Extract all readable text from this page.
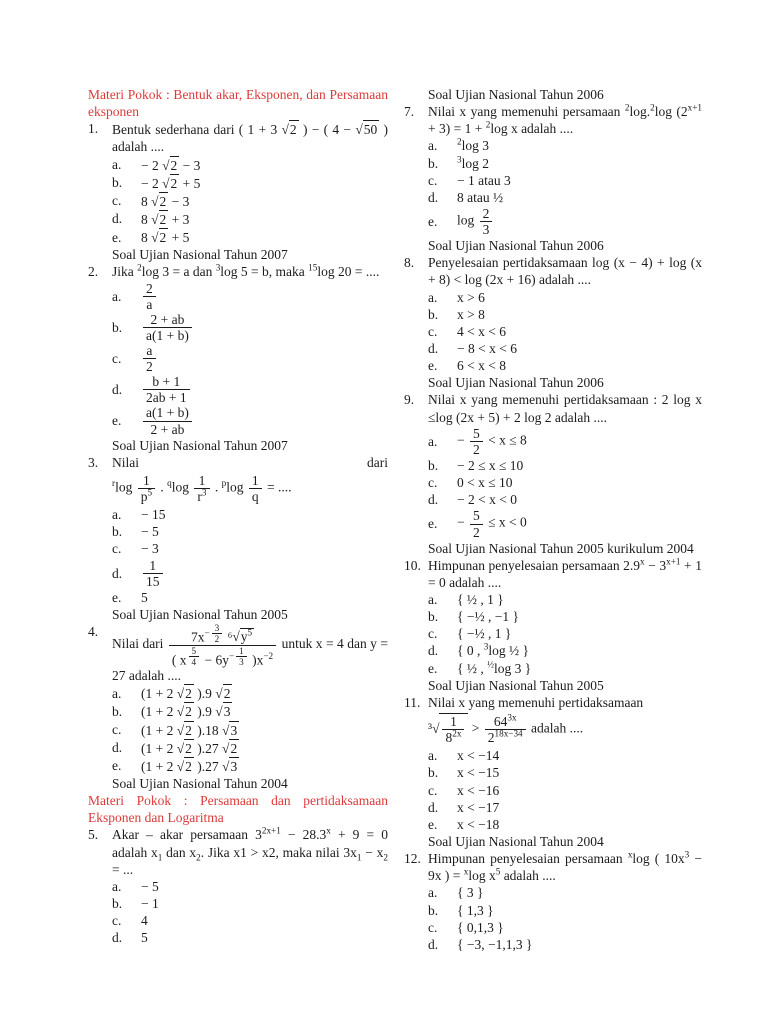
Materi Pokok : Bentuk akar, Eksponen, dan Persamaan eksponen
1.	Bentuk sederhana dari ( 1 + 3 √2 ) − ( 4 − √50 ) adalah ....
a.	− 2 √2 − 3
b.	− 2 √2 + 5
c.	8 √2 − 3
d.	8 √2 + 3
e.	8 √2 + 5
Soal Ujian Nasional Tahun 2007
2.	Jika $^2$log 3 = a dan $^3$log 5 = b, maka $^{15}$log 20 = ....
a.	$\frac{2}{a}$
b.	$\frac{2 + ab}{a(1 + b)}$
c.	$\frac{a}{2}$
d.	$\frac{b + 1}{2ab + 1}$
e.	$\frac{a(1 + b)}{2 + ab}$
Soal Ujian Nasional Tahun 2007
3.	Nilai	dari
$^r\log \frac{1}{p^5}$ . $^q\log \frac{1}{r^3}$ . $^p\log \frac{1}{q}$ = ....
a.	− 15
b.	− 5
c.	− 3
d.	$\frac{1}{15}$
e.	5
Soal Ujian Nasional Tahun 2005
4.
Nilai dari $7x^{- \frac{3}{2}}$ $^6√y^5$
( x $^{\frac{5}{4}} - 6y^{- \frac{1}{3}}$ )$x^{-2}$ untuk x = 4 dan y = 27 adalah ....
a.	(1 + 2 √2 ).9 √2
b.	(1 + 2 √2 ).9 √3
c.	(1 + 2 √2 ).18 √3
d.	(1 + 2 √2 ).27 √2
e.	(1 + 2 √2 ).27 √3
Soal Ujian Nasional Tahun 2004
Materi Pokok : Persamaan dan pertidaksamaan Eksponen dan Logaritma
5.	Akar – akar persamaan $3^{2x+1} - 28.3^x + 9 = 0$ adalah $x_1$ dan $x_2$. Jika x1 > x2, maka nilai $3x_1 - x_2$ = ...
a.	− 5
b.	− 1
c.	4
d.	5
Soal Ujian Nasional Tahun 2006
7.	Nilai x yang memenuhi persamaan $^2$log.$^2$log $(2^{x+1} + 3) = 1 + ^2\log$ x adalah ....
a.	$^2$log 3
b.	$^3$log 2
c.	− 1 atau 3
d.	8 atau ½
e.	$\log \frac{2}{3}$
Soal Ujian Nasional Tahun 2006
8.	Penyelesaian pertidaksamaan log (x − 4) + log (x + 8) < log (2x + 16) adalah ....
a.	x > 6
b.	x > 8
c.	4 < x < 6
d.	− 8 < x < 6
e.	6 < x < 8
Soal Ujian Nasional Tahun 2006
9.	Nilai x yang memenuhi pertidaksamaan : 2 log x ≤log (2x + 5) + 2 log 2 adalah ....
a.	− $\frac{5}{2} < x \le 8$
b.	− 2 ≤ x ≤ 10
c.	0 < x ≤ 10
d.	− 2 < x < 0
e.	− $\frac{5}{2} \le x < 0$
Soal Ujian Nasional Tahun 2005 kurikulum 2004
10. Himpunan penyelesaian persamaan $2.9^x - 3^{x+1} + 1 = 0$ adalah ....
a.	{ ½ , 1 }
b.	{ −½ , −1 }
c.	{ −½ , 1 }
d.	{ 0 , $^3$log ½ }
e.	{ ½ , $^{\frac{1}{2}}$log 3 }
Soal Ujian Nasional Tahun 2005
11. Nilai x yang memenuhi pertidaksamaan
$^3√ \frac{1}{8^{2x}} > \frac{64^{3x}}{2^{18x-34}}$ adalah ....
a.	x < −14
b.	x < −15
c.	x < −16
d.	x < −17
e.	x < −18
Soal Ujian Nasional Tahun 2004
12. Himpunan penyelesaian persamaan $^x$log ( $10x^3 - 9x$ ) = $^x$log $x^5$ adalah ....
a.	{ 3 }
b.	{ 1,3 }
c.	{ 0,1,3 }
d.	{ −3, −1,1,3 }
